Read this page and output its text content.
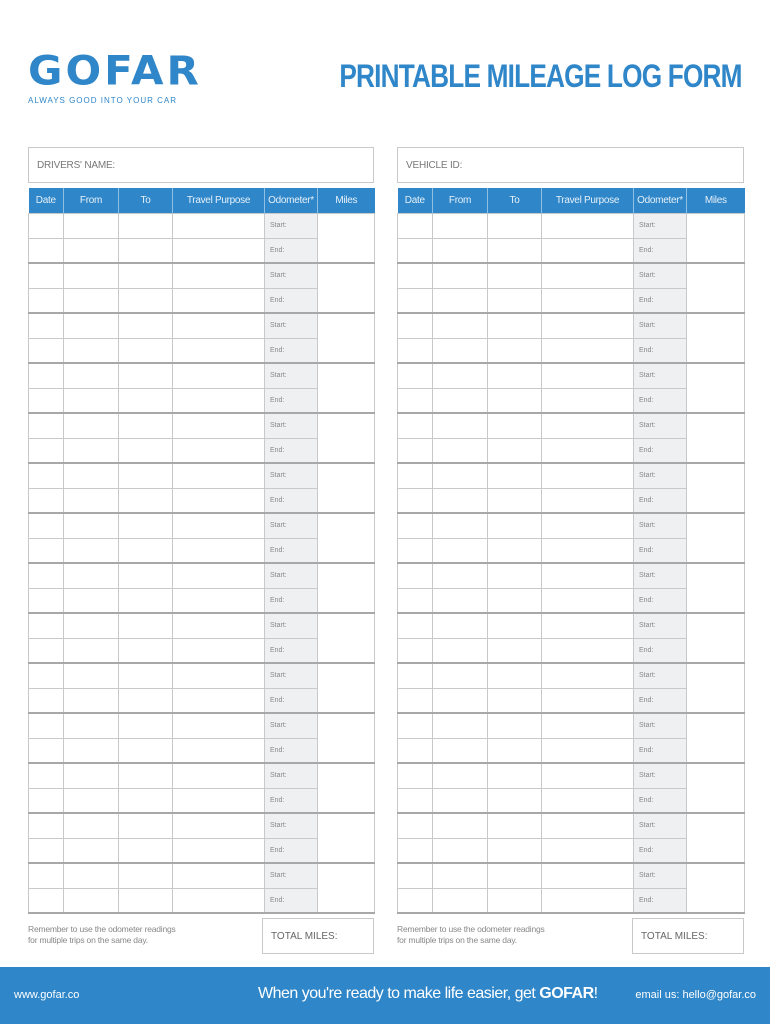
GOFAR
ALWAYS GOOD INTO YOUR CAR
PRINTABLE MILEAGE LOG FORM
DRIVERS' NAME:	VEHICLE ID:
Date	From	To	Travel Purpose	Odometer*	Miles
				Start:	
				End:	
				Start:	
				End:	
				Start:	
				End:	
				Start:	
				End:	
				Start:	
				End:	
				Start:	
				End:	
				Start:	
				End:	
				Start:	
				End:	
				Start:	
				End:	
				Start:	
				End:	
				Start:	
				End:	
				Start:	
				End:	
				Start:	
				End:	
				Start:	
				End:	
Date	From	To	Travel Purpose	Odometer*	Miles
				Start:	
				End:	
				Start:	
				End:	
				Start:	
				End:	
				Start:	
				End:	
				Start:	
				End:	
				Start:	
				End:	
				Start:	
				End:	
				Start:	
				End:	
				Start:	
				End:	
				Start:	
				End:	
				Start:	
				End:	
				Start:	
				End:	
				Start:	
				End:	
				Start:	
				End:	
Remember to use the odometer readings for multiple trips on the same day.	TOTAL MILES:
Remember to use the odometer readings for multiple trips on the same day.	TOTAL MILES:
www.gofar.co	When you're ready to make life easier, get GOFAR!	email us: hello@gofar.co
